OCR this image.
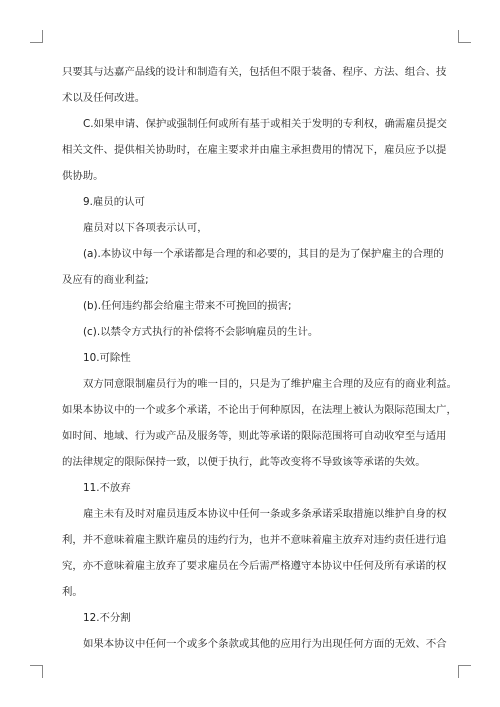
只要其与达嘉产品线的设计和制造有关，包括但不限于装备、程序、方法、组合、技

术以及任何改进。

C.如果申请、保护或强制任何或所有基于或相关于发明的专利权，确需雇员提交

相关文件、提供相关协助时，在雇主要求并由雇主承担费用的情况下，雇员应予以提

供协助。

9.雇员的认可

雇员对以下各项表示认可，

(a).本协议中每一个承诺都是合理的和必要的，其目的是为了保护雇主的合理的

及应有的商业利益;

(b).任何违约都会给雇主带来不可挽回的损害;

(c).以禁令方式执行的补偿将不会影响雇员的生计。

10.可除性

双方同意限制雇员行为的唯一目的，只是为了维护雇主合理的及应有的商业利益。

如果本协议中的一个或多个承诺，不论出于何种原因，在法理上被认为限际范围太广，

如时间、地域、行为或产品及服务等，则此等承诺的限际范围将可自动收窄至与适用

的法律规定的限际保持一致，以便于执行，此等改变将不导致该等承诺的失效。

11.不放弃

雇主未有及时对雇员违反本协议中任何一条或多条承诺采取措施以维护自身的权

利，并不意味着雇主默许雇员的违约行为，也并不意味着雇主放弃对违约责任进行追

究，亦不意味着雇主放弃了要求雇员在今后需严格遵守本协议中任何及所有承诺的权

利。

12.不分割

如果本协议中任何一个或多个条款或其他的应用行为出现任何方面的无效、不合
